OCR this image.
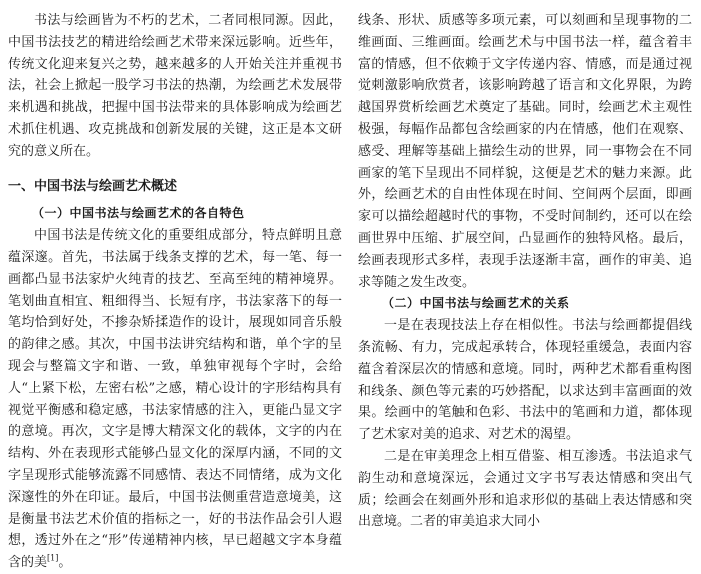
书法与绘画皆为不朽的艺术，二者同根同源。因此，中国书法技艺的精进给绘画艺术带来深远影响。近些年，传统文化迎来复兴之势，越来越多的人开始关注并重视书法，社会上掀起一股学习书法的热潮，为绘画艺术发展带来机遇和挑战，把握中国书法带来的具体影响成为绘画艺术抓住机遇、攻克挑战和创新发展的关键，这正是本文研究的意义所在。

一、中国书法与绘画艺术概述
（一）中国书法与绘画艺术的各自特色

中国书法是传统文化的重要组成部分，特点鲜明且意蕴深邃。首先，书法属于线条支撑的艺术，每一笔、每一画都凸显书法家炉火纯青的技艺、至高至纯的精神境界。笔划曲直相宜、粗细得当、长短有序，书法家落下的每一笔均恰到好处，不掺杂矫揉造作的设计，展现如同音乐般的韵律之感。其次，中国书法讲究结构和谐，单个字的呈现会与整篇文字和谐、一致，单独审视每个字时，会给人“上紧下松，左密右松”之感，精心设计的字形结构具有视觉平衡感和稳定感，书法家情感的注入，更能凸显文字的意境。再次，文字是博大精深文化的载体，文字的内在结构、外在表现形式能够凸显文化的深厚内涵，不同的文字呈现形式能够流露不同感情、表达不同情绪，成为文化深邃性的外在印证。最后，中国书法侧重营造意境美，这是衡量书法艺术价值的指标之一，好的书法作品会引人遐想，透过外在之“形”传递精神内核，早已超越文字本身蕴含的美[1]。

线条、形状、质感等多项元素，可以刻画和呈现事物的二维画面、三维画面。绘画艺术与中国书法一样，蕴含着丰富的情感，但不依赖于文字传递内容、情感，而是通过视觉刺激影响欣赏者，该影响跨越了语言和文化界限，为跨越国界赏析绘画艺术奠定了基础。同时，绘画艺术主观性极强，每幅作品都包含绘画家的内在情感，他们在观察、感受、理解等基础上描绘生动的世界，同一事物会在不同画家的笔下呈现出不同样貌，这便是艺术的魅力来源。此外，绘画艺术的自由性体现在时间、空间两个层面，即画家可以描绘超越时代的事物，不受时间制约，还可以在绘画世界中压缩、扩展空间，凸显画作的独特风格。最后，绘画表现形式多样，表现手法逐渐丰富，画作的审美、追求等随之发生改变。

（二）中国书法与绘画艺术的关系

一是在表现技法上存在相似性。书法与绘画都提倡线条流畅、有力，完成起承转合，体现轻重缓急，表面内容蕴含着深层次的情感和意境。同时，两种艺术都看重构图和线条、颜色等元素的巧妙搭配，以求达到丰富画面的效果。绘画中的笔触和色彩、书法中的笔画和力道，都体现了艺术家对美的追求、对艺术的渴望。

二是在审美理念上相互借鉴、相互渗透。书法追求气韵生动和意境深远，会通过文字书写表达情感和突出气质；绘画会在刻画外形和追求形似的基础上表达情感和突出意境。二者的审美追求大同小
